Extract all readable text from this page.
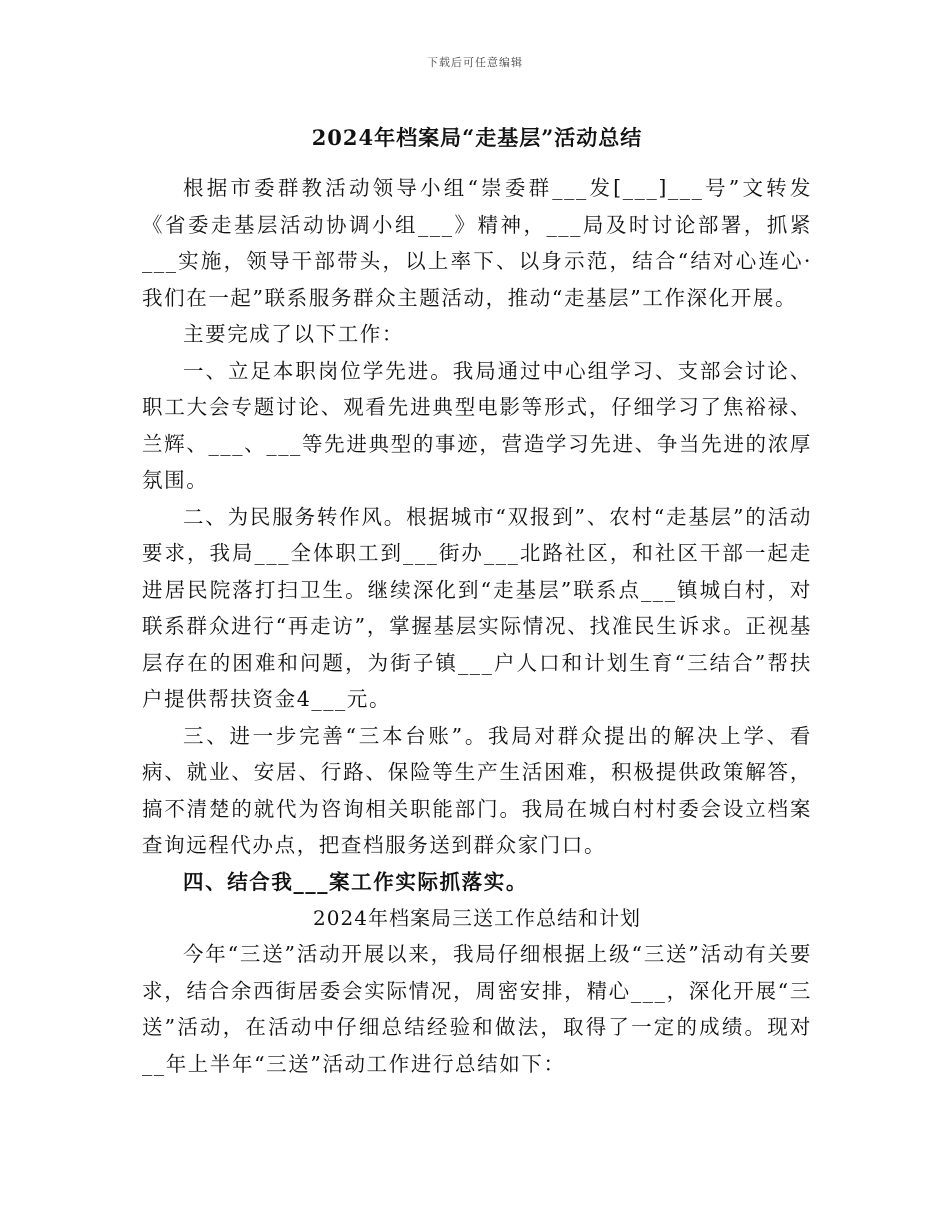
下载后可任意编辑
2024年档案局“走基层”活动总结

根据市委群教活动领导小组“崇委群___发[___]___号”文转发《省委走基层活动协调小组___》精神，___局及时讨论部署，抓紧___实施，领导干部带头，以上率下、以身示范，结合“结对心连心·我们在一起”联系服务群众主题活动，推动“走基层”工作深化开展。

主要完成了以下工作：

一、立足本职岗位学先进。我局通过中心组学习、支部会讨论、职工大会专题讨论、观看先进典型电影等形式，仔细学习了焦裕禄、兰辉、___、___等先进典型的事迹，营造学习先进、争当先进的浓厚氛围。

二、为民服务转作风。根据城市“双报到”、农村“走基层”的活动要求，我局___全体职工到___街办___北路社区，和社区干部一起走进居民院落打扫卫生。继续深化到“走基层”联系点___镇城白村，对联系群众进行“再走访”，掌握基层实际情况、找准民生诉求。正视基层存在的困难和问题，为街子镇___户人口和计划生育“三结合”帮扶户提供帮扶资金4___元。

三、进一步完善“三本台账”。我局对群众提出的解决上学、看病、就业、安居、行路、保险等生产生活困难，积极提供政策解答，搞不清楚的就代为咨询相关职能部门。我局在城白村村委会设立档案查询远程代办点，把查档服务送到群众家门口。

四、结合我___案工作实际抓落实。

2024年档案局三送工作总结和计划

今年“三送”活动开展以来，我局仔细根据上级“三送”活动有关要求，结合余西街居委会实际情况，周密安排，精心___，深化开展“三送”活动，在活动中仔细总结经验和做法，取得了一定的成绩。现对__年上半年“三送”活动工作进行总结如下：
